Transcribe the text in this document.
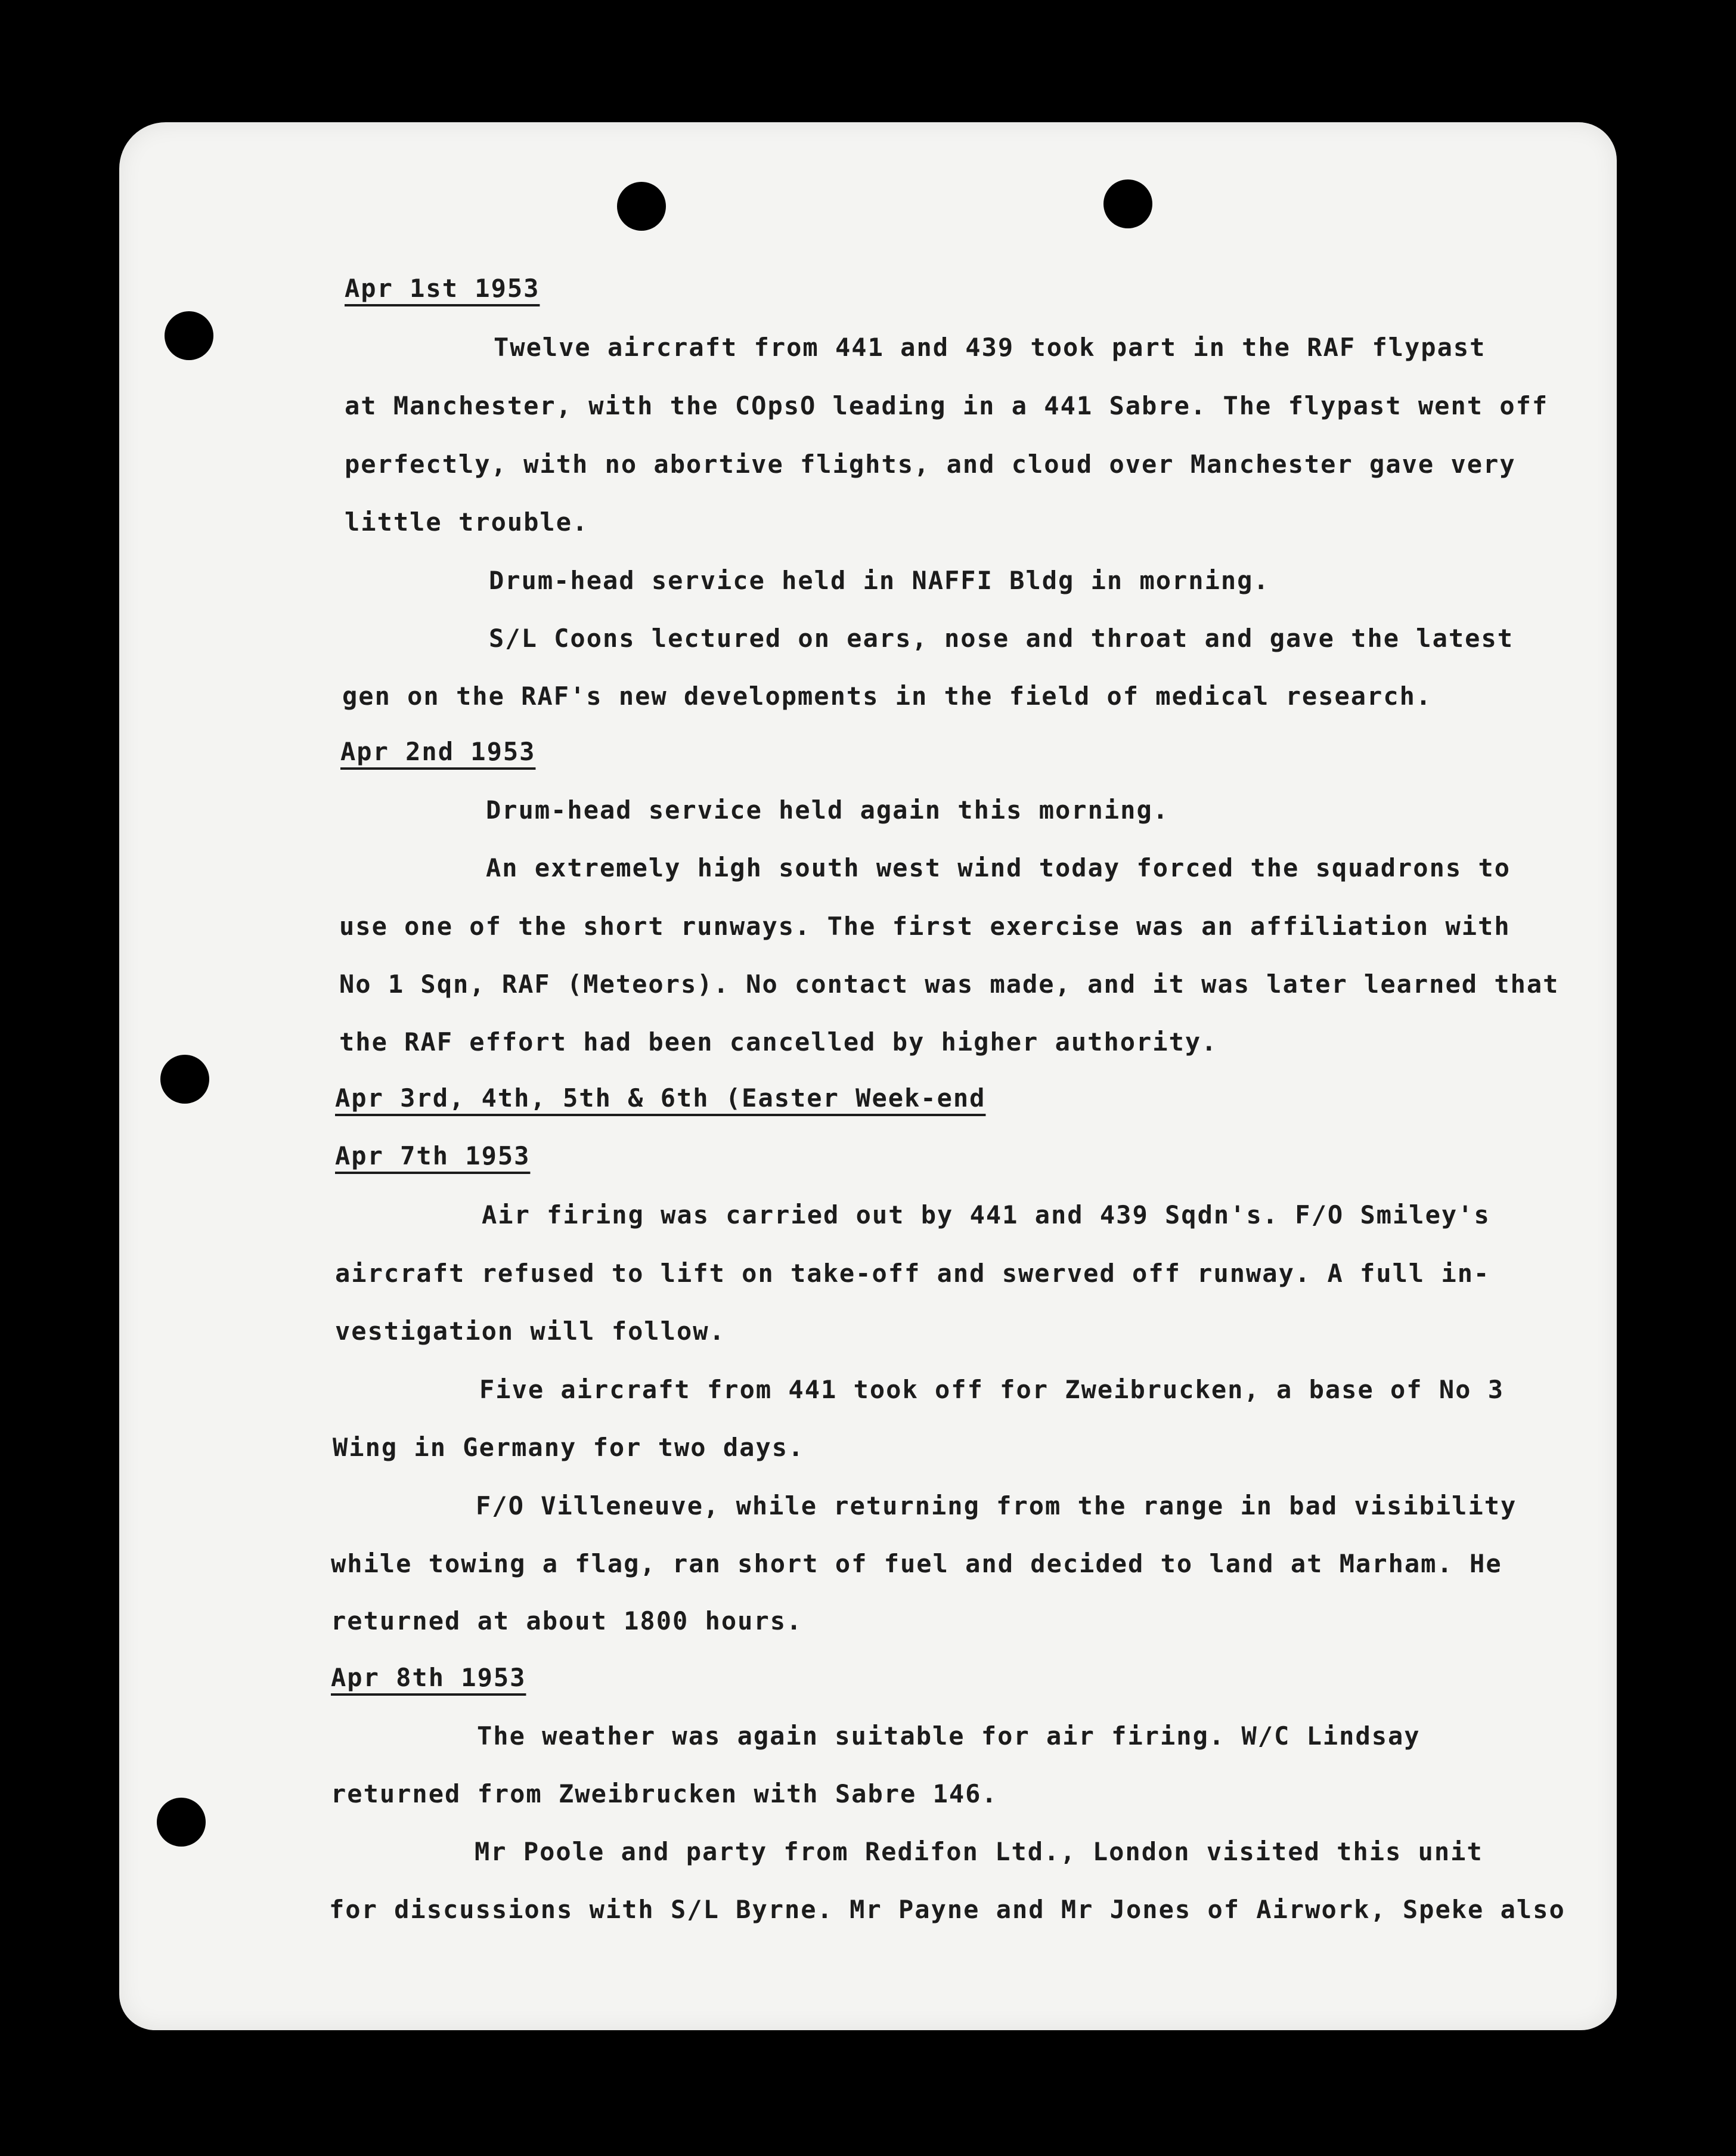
Apr 1st 1953
Twelve aircraft from 441 and 439 took part in the RAF flypast
at Manchester, with the COpsO leading in a 441 Sabre. The flypast went off
perfectly, with no abortive flights, and cloud over Manchester gave very
little trouble.
Drum-head service held in NAFFI Bldg in morning.
S/L Coons lectured on ears, nose and throat and gave the latest
gen on the RAF's new developments in the field of medical research.
Apr 2nd 1953
Drum-head service held again this morning.
An extremely high south west wind today forced the squadrons to
use one of the short runways. The first exercise was an affiliation with
No 1 Sqn, RAF (Meteors). No contact was made, and it was later learned that
the RAF effort had been cancelled by higher authority.
Apr 3rd, 4th, 5th & 6th (Easter Week-end
Apr 7th 1953
Air firing was carried out by 441 and 439 Sqdn's. F/O Smiley's
aircraft refused to lift on take-off and swerved off runway. A full in-
vestigation will follow.
Five aircraft from 441 took off for Zweibrucken, a base of No 3
Wing in Germany for two days.
F/O Villeneuve, while returning from the range in bad visibility
while towing a flag, ran short of fuel and decided to land at Marham. He
returned at about 1800 hours.
Apr 8th 1953
The weather was again suitable for air firing. W/C Lindsay
returned from Zweibrucken with Sabre 146.
Mr Poole and party from Redifon Ltd., London visited this unit
for discussions with S/L Byrne. Mr Payne and Mr Jones of Airwork, Speke also
